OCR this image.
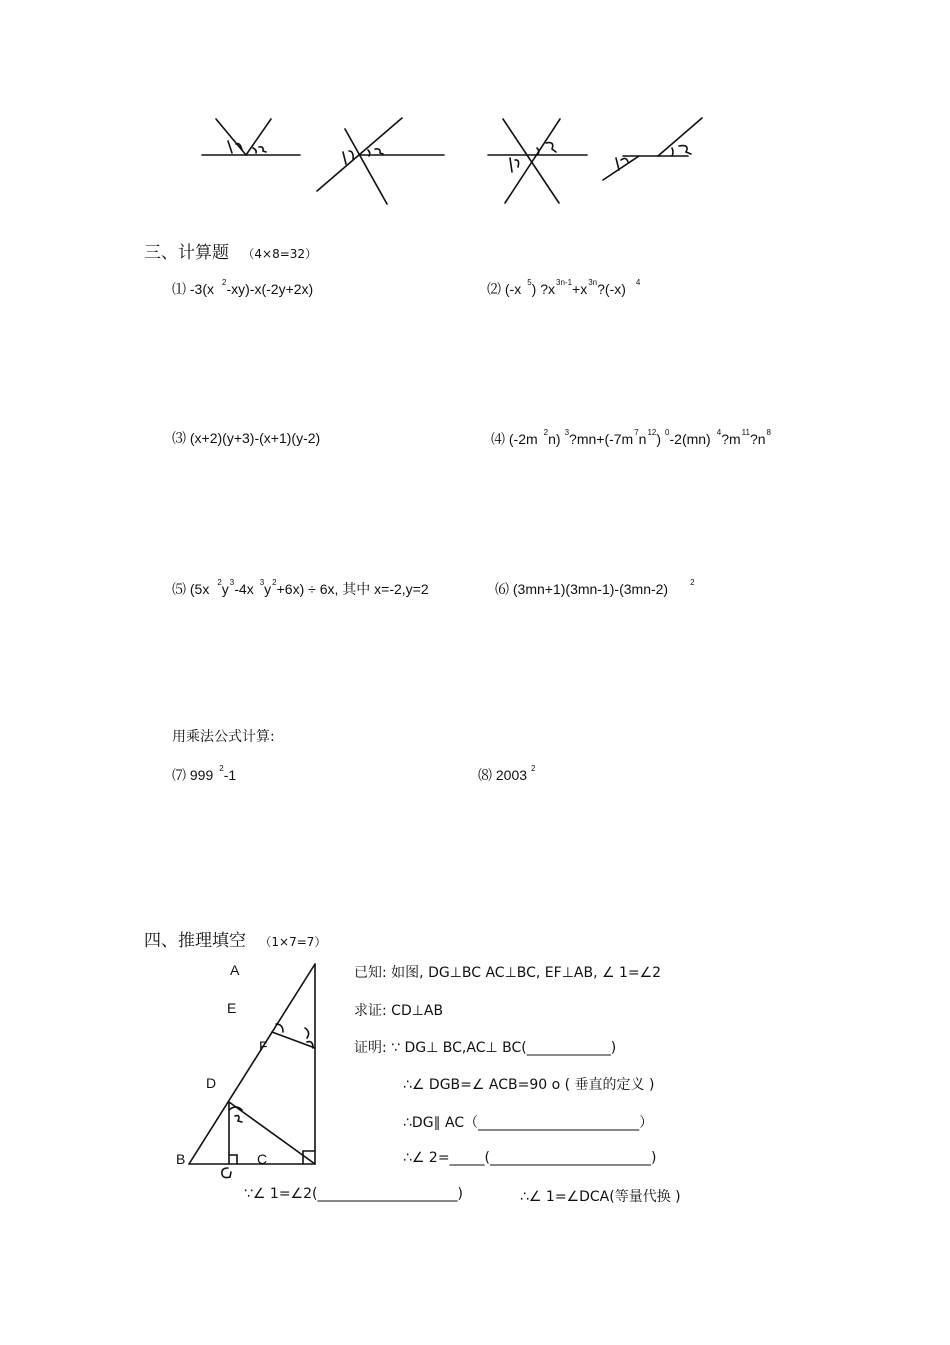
三、计算题 （4×8=32）
⑴ -3(x $^2$-xy)-x(-2y+2x)	⑵ (-x $^5$) $?x^{3n-1}+x^{3n}?(-x)$ $^4$
⑶ (x+2)(y+3)-(x+1)(y-2)	⑷ (-2m $^2$n) $^3?mn+(-7m^7n^{12})$ $^0$-2(mn) $^4?m^{11}?n^8$
⑸ (5x $^2y^3-4x$ $^3y^2+6x) \div 6x$, 其中 x=-2,y=2	⑹ (3mn+1)(3mn-1)-(3mn-2)	$^2$
用乘法公式计算:
⑺ 999 $^2$-1	⑻ 2003 $^2$
四、推理填空 （1×7=7）
A
E
F
D
B	C
已知: 如图, DG⊥BC AC⊥BC, EF⊥AB, ∠ 1=∠2
求证: CD⊥AB
证明: ∵ DG⊥ BC,AC⊥ BC(____________)
∴∠ DGB=∠ ACB=90 o ( 垂直的定义 )
∴DG∥ AC（_______________________）
∴∠ 2=_____(_______________________)
∵∠ 1=∠2(____________________)	∴∠ 1=∠DCA(等量代换 )
